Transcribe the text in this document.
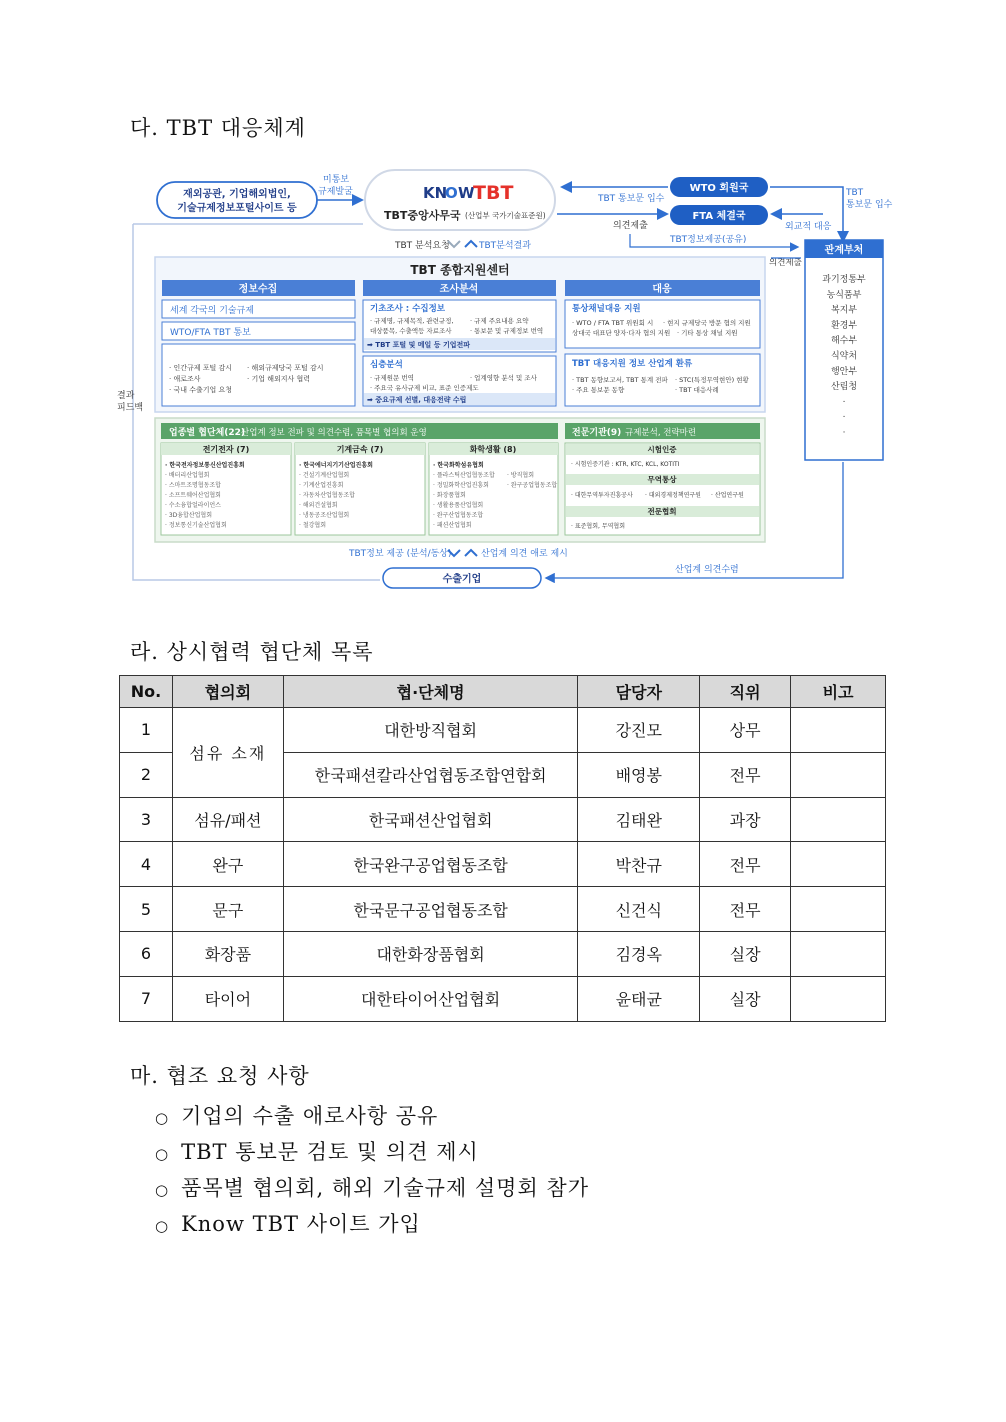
다. TBT 대응체계
결과
피드백
재외공관, 기업해외법인,
기술규제정보포털사이트 등
미통보
규제발굴	KN
O W
TBT
TBT중앙사무국 (산업부 국가기술표준원)
WTO 회원국
FTA 체결국
TBT 통보문 입수
의견제출
TBT
통보문 입수
외교적 대응
TBT정보제공(공유)
관계부처
과기정통부
농식품부
복지부
환경부
해수부
식약처
행안부
산림청
·
·
·
의견제출
TBT 분석요청	TBT분석결과
TBT 종합지원센터
정보수집	조사분석	대응
세계 각국의 기술규제
WTO/FTA TBT 통보
· 인간규제 포털 감시 · 해외규제당국 포털 감시
· 애로조사	· 기업 해외지사 협력
· 국내 수출기업 요청
기초조사 : 수집정보
· 규제명, 규제목적, 관련규정,	· 규제 주요내용 요약
대상품목, 수출액등 자료조사	· 통보문 및 규제정보 번역
➡ TBT 포털 및 메일 등 기업전파
심층분석
· 규제원문 번역	· 업계영향 분석 및 조사
· 주요국 유사규제 비교, 표준 인증제도
➡ 중요규제 선별, 대응전략 수립
통상채널대응 지원
· WTO / FTA TBT 위원회 시 · 현지 규제당국 방문 협의 지원
상대국 대표단 양자·다자 협의 지원 · 기타 통상 채널 지원
TBT 대응지원 정보 산업계 환류
· TBT 동향보고서, TBT 통계 전파 · STC(특정무역현안) 현황
· 주요 통보문 동향	· TBT 대응사례
업종별 협단체(22)
산업계 정보 전파 및 의견수렴, 품목별 협의회 운영	전문기관(9) 규제분석, 전략마련
전기전자 (7)	기계금속 (7)	화학생활 (8)
· 한국전자정보통신산업진흥회
· 배터리산업협회
· 스마트조명협동조합
· 소프트웨어산업협회
· 수소융합얼라이언스
· 3D융합산업협회
· 정보통신기술산업협회
· 한국에너지기기산업진흥회
· 건설기계산업협회
· 기계산업진흥회
· 자동차산업협동조합
· 해외건설협회
· 냉동공조산업협회
· 철강협회
· 한국화학섬유협회
· 플라스틱산업협동조합
· 정밀화학산업진흥회
· 화장품협회
· 생활용품산업협회
· 완구산업협동조합
· 패션산업협회
· 방직협회
· 완구공업협동조합
시험인증
· 시험인증기관 : KTR, KTC, KCL, KOTITI
무역통상
· 대한무역투자진흥공사 · 대외경제정책연구원 · 산업연구원
전문협회
· 표준협회, 무역협회
TBT정보 제공 (분석/동상)	산업계 의견 애로 제시
수출기업
산업계 의견수렴
라. 상시협력 협단체 목록
No.	협의회	협·단체명	담당자	직위	비고
1	섬유 소재	대한방직협회	강진모	상무	
2		한국패션칼라산업협동조합연합회	배영봉	전무	
3	섬유/패션	한국패션산업협회	김태완	과장	
4	완구	한국완구공업협동조합	박찬규	전무	
5	문구	한국문구공업협동조합	신건식	전무	
6	화장품	대한화장품협회	김경옥	실장	
7	타이어	대한타이어산업협회	윤태균	실장	
마. 협조 요청 사항
○ 기업의 수출 애로사항 공유
○ TBT 통보문 검토 및 의견 제시
○ 품목별 협의회, 해외 기술규제 설명회 참가
○ Know TBT 사이트 가입
